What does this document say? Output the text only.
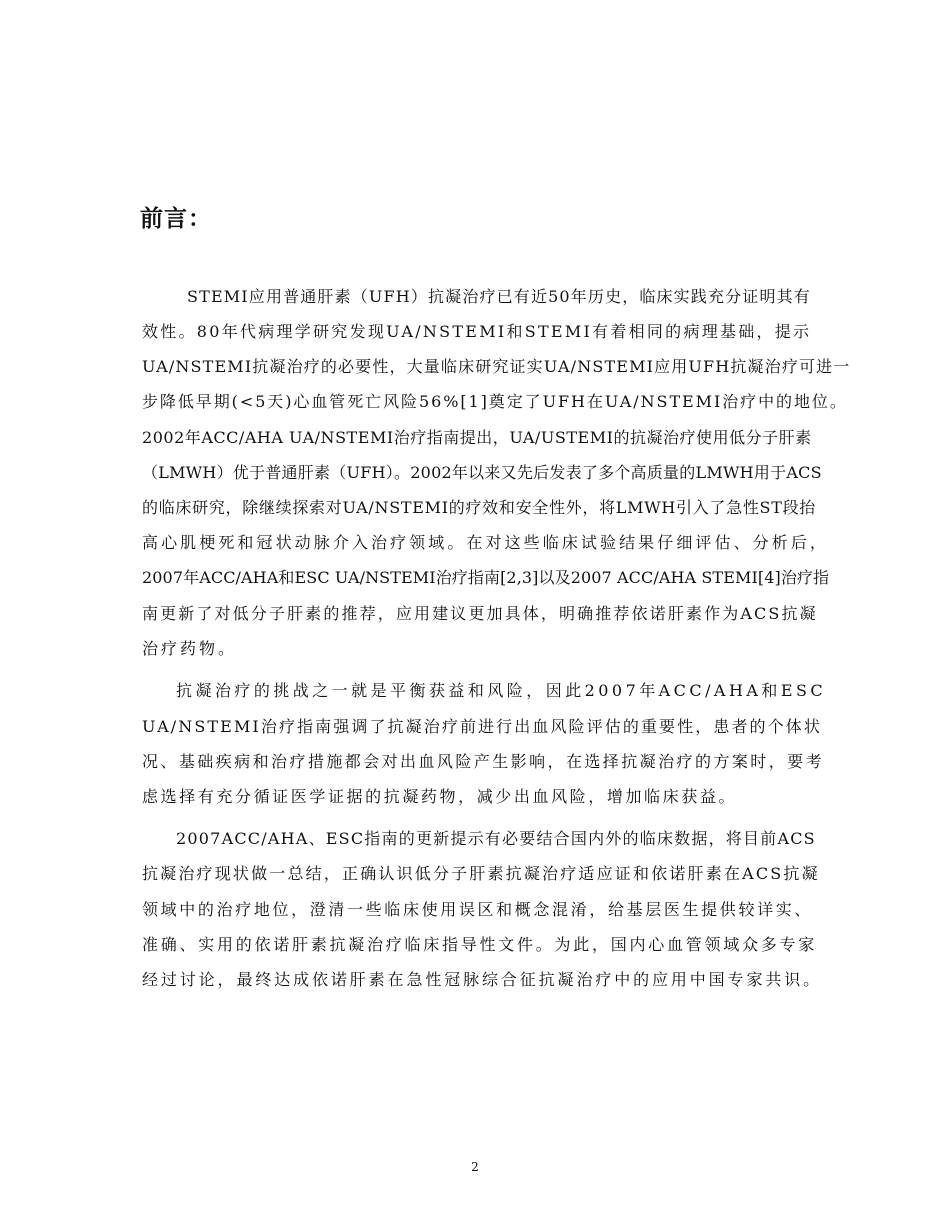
前言：
STEMI应用普通肝素（UFH）抗凝治疗已有近50年历史，临床实践充分证明其有
效性。80年代病理学研究发现UA/NSTEMI和STEMI有着相同的病理基础，提示
UA/NSTEMI抗凝治疗的必要性，大量临床研究证实UA/NSTEMI应用UFH抗凝治疗可进一
步降低早期(<5天)心血管死亡风险56%[1]奠定了UFH在UA/NSTEMI治疗中的地位。
2002年ACC/AHA UA/NSTEMI治疗指南提出，UA/USTEMI的抗凝治疗使用低分子肝素
（LMWH）优于普通肝素（UFH）。2002年以来又先后发表了多个高质量的LMWH用于ACS
的临床研究，除继续探索对UA/NSTEMI的疗效和安全性外，将LMWH引入了急性ST段抬
高心肌梗死和冠状动脉介入治疗领域。在对这些临床试验结果仔细评估、分析后，
2007年ACC/AHA和ESC UA/NSTEMI治疗指南[2,3]以及2007 ACC/AHA STEMI[4]治疗指
南更新了对低分子肝素的推荐，应用建议更加具体，明确推荐依诺肝素作为ACS抗凝
治疗药物。
抗凝治疗的挑战之一就是平衡获益和风险，因此2007年ACC/AHA和ESC
UA/NSTEMI治疗指南强调了抗凝治疗前进行出血风险评估的重要性，患者的个体状
况、基础疾病和治疗措施都会对出血风险产生影响，在选择抗凝治疗的方案时，要考
虑选择有充分循证医学证据的抗凝药物，减少出血风险，增加临床获益。
2007ACC/AHA、ESC指南的更新提示有必要结合国内外的临床数据，将目前ACS
抗凝治疗现状做一总结，正确认识低分子肝素抗凝治疗适应证和依诺肝素在ACS抗凝
领域中的治疗地位，澄清一些临床使用误区和概念混淆，给基层医生提供较详实、
准确、实用的依诺肝素抗凝治疗临床指导性文件。为此，国内心血管领域众多专家
经过讨论，最终达成依诺肝素在急性冠脉综合征抗凝治疗中的应用中国专家共识。
2
